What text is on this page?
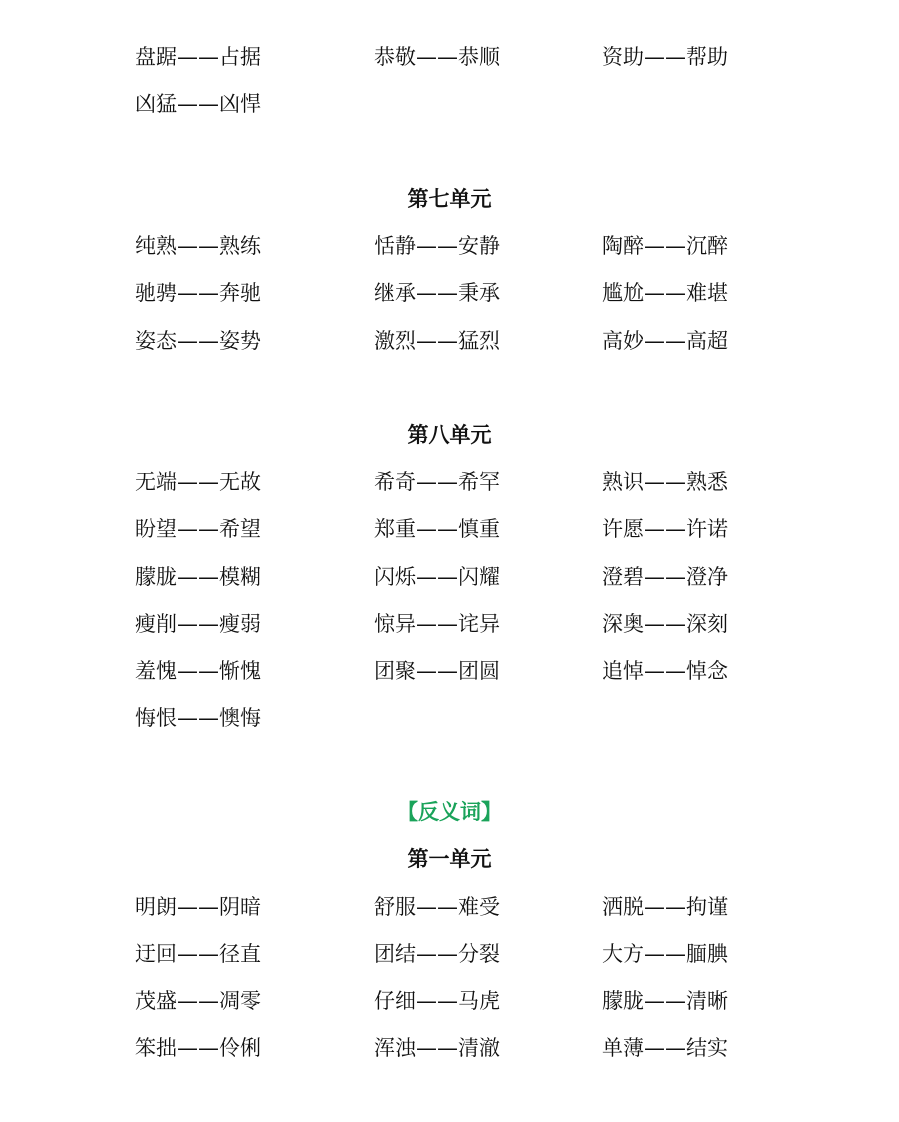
盘踞——占据	恭敬——恭顺	资助——帮助
凶猛——凶悍
第七单元
纯熟——熟练	恬静——安静	陶醉——沉醉
驰骋——奔驰	继承——秉承	尴尬——难堪
姿态——姿势	激烈——猛烈	高妙——高超
第八单元
无端——无故	希奇——希罕	熟识——熟悉
盼望——希望	郑重——慎重	许愿——许诺
朦胧——模糊	闪烁——闪耀	澄碧——澄净
瘦削——瘦弱	惊异——诧异	深奥——深刻
羞愧——惭愧	团聚——团圆	追悼——悼念
悔恨——懊悔
【反义词】
第一单元
明朗——阴暗	舒服——难受	洒脱——拘谨
迂回——径直	团结——分裂	大方——腼腆
茂盛——凋零	仔细——马虎	朦胧——清晰
笨拙——伶俐	浑浊——清澈	单薄——结实
